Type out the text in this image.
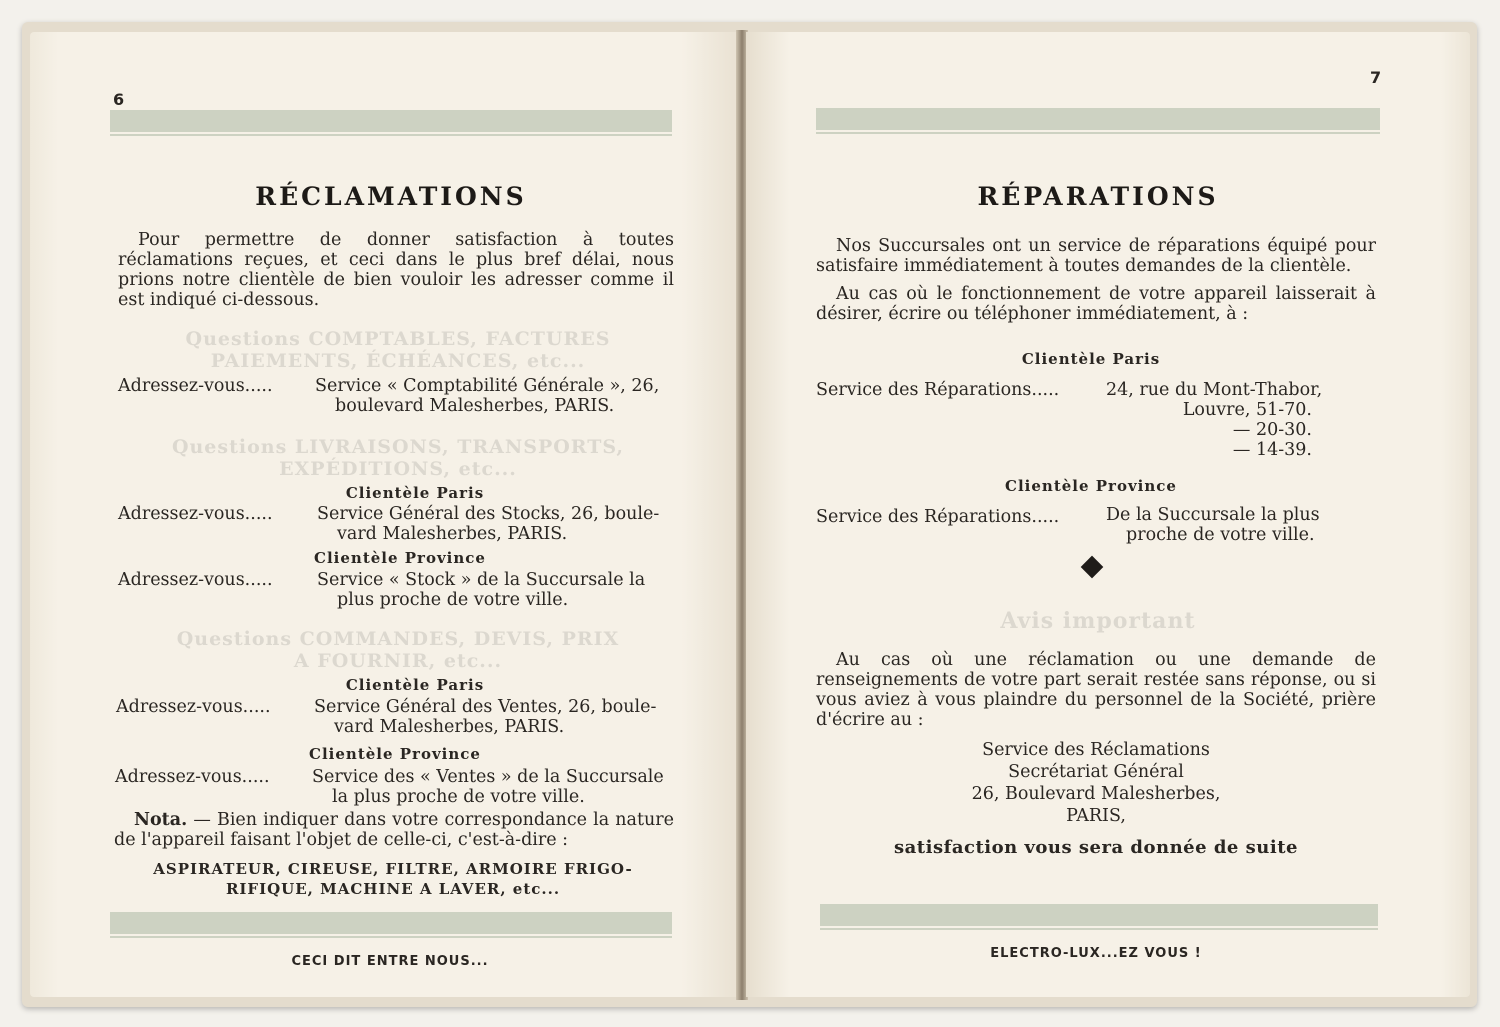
6
RÉCLAMATIONS
Pour permettre de donner satisfaction à toutes réclamations reçues, et ceci dans le plus bref délai, nous prions notre clientèle de bien vouloir les adresser comme il est indiqué ci-dessous.
Questions COMPTABLES, FACTURES
PAIEMENTS, ÉCHÉANCES, etc...
Adressez-vous..... Service « Comptabilité Générale », 26,
boulevard Malesherbes, PARIS.
Questions LIVRAISONS, TRANSPORTS,
EXPÉDITIONS, etc...
Clientèle Paris
Adressez-vous.....	Service Général des Stocks, 26, boule-
vard Malesherbes, PARIS.
Clientèle Province
Adressez-vous.....	Service « Stock » de la Succursale la
plus proche de votre ville.
Questions COMMANDES, DEVIS, PRIX
A FOURNIR, etc...
Clientèle Paris
Adressez-vous..... Service Général des Ventes, 26, boule-
vard Malesherbes, PARIS.
Clientèle Province
Adressez-vous..... Service des « Ventes » de la Succursale
la plus proche de votre ville.
Nota. — Bien indiquer dans votre correspondance la nature de l'appareil faisant l'objet de celle-ci, c'est-à-dire :
ASPIRATEUR, CIREUSE, FILTRE, ARMOIRE FRIGO-
RIFIQUE, MACHINE A LAVER, etc...
CECI DIT ENTRE NOUS...
7
RÉPARATIONS
Nos Succursales ont un service de réparations équipé pour satisfaire immédiatement à toutes demandes de la clientèle.
Au cas où le fonctionnement de votre appareil laisserait à désirer, écrire ou téléphoner immédiatement, à :
Clientèle Paris
Service des Réparations.....	24, rue du Mont-Thabor,
Louvre, 51-70.
— 20-30.
— 14-39.
Clientèle Province
Service des Réparations.....	De la Succursale la plus
proche de votre ville.
Avis important
Au cas où une réclamation ou une demande de renseignements de votre part serait restée sans réponse, ou si vous aviez à vous plaindre du personnel de la Société, prière d'écrire au :
Service des Réclamations
Secrétariat Général
26, Boulevard Malesherbes,
PARIS,
satisfaction vous sera donnée de suite
ELECTRO-LUX...EZ VOUS !
